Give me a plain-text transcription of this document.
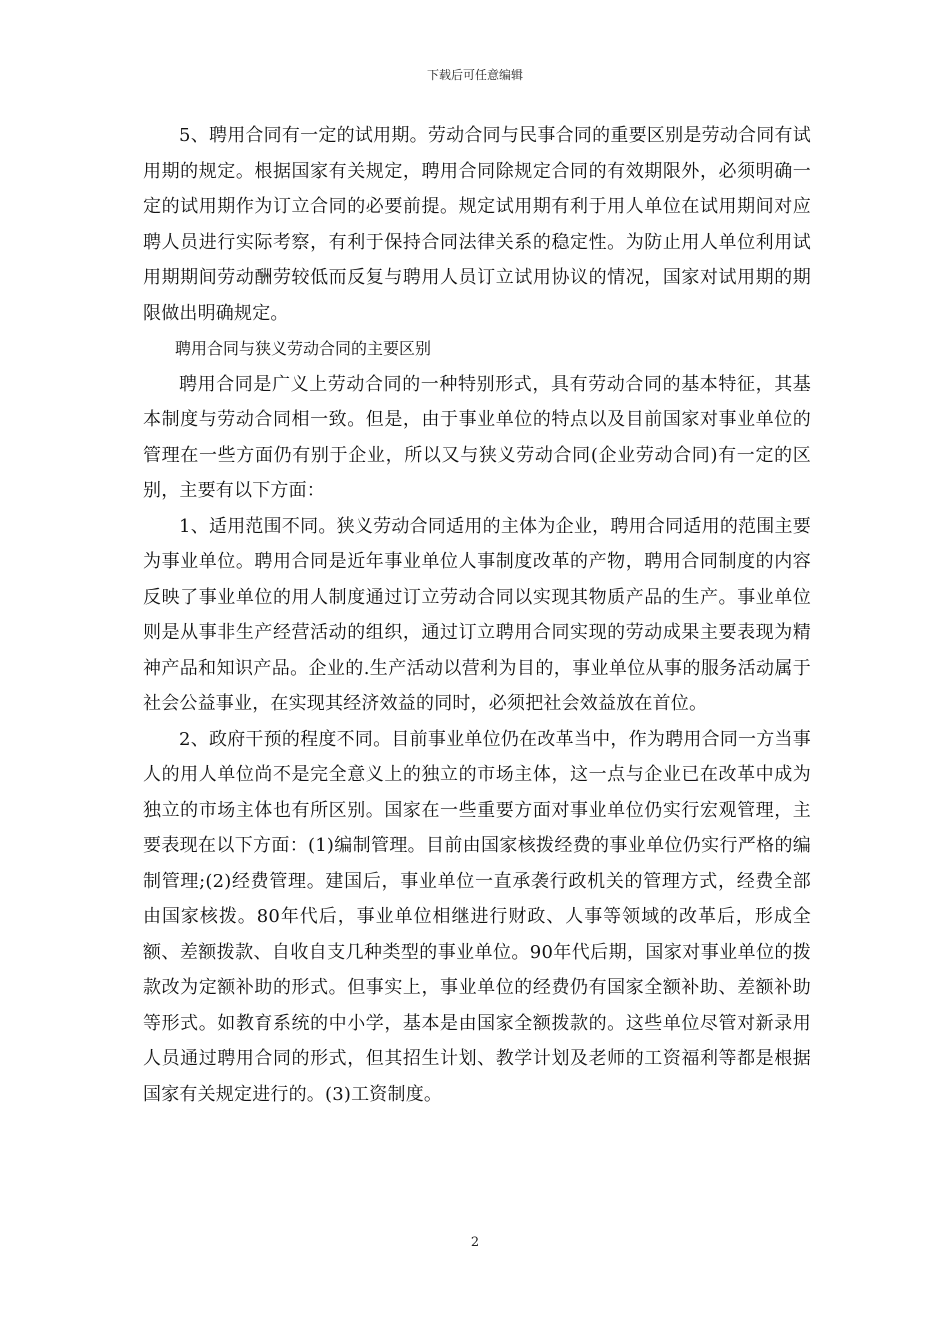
下载后可任意编辑

5、聘用合同有一定的试用期。劳动合同与民事合同的重要区别是劳动合同有试用期的规定。根据国家有关规定，聘用合同除规定合同的有效期限外，必须明确一定的试用期作为订立合同的必要前提。规定试用期有利于用人单位在试用期间对应聘人员进行实际考察，有利于保持合同法律关系的稳定性。为防止用人单位利用试用期期间劳动酬劳较低而反复与聘用人员订立试用协议的情况，国家对试用期的期限做出明确规定。

聘用合同与狭义劳动合同的主要区别

聘用合同是广义上劳动合同的一种特别形式，具有劳动合同的基本特征，其基本制度与劳动合同相一致。但是，由于事业单位的特点以及目前国家对事业单位的管理在一些方面仍有别于企业，所以又与狭义劳动合同(企业劳动合同)有一定的区别，主要有以下方面：

1、适用范围不同。狭义劳动合同适用的主体为企业，聘用合同适用的范围主要为事业单位。聘用合同是近年事业单位人事制度改革的产物，聘用合同制度的内容反映了事业单位的用人制度通过订立劳动合同以实现其物质产品的生产。事业单位则是从事非生产经营活动的组织，通过订立聘用合同实现的劳动成果主要表现为精神产品和知识产品。企业的.生产活动以营利为目的，事业单位从事的服务活动属于社会公益事业，在实现其经济效益的同时，必须把社会效益放在首位。

2、政府干预的程度不同。目前事业单位仍在改革当中，作为聘用合同一方当事人的用人单位尚不是完全意义上的独立的市场主体，这一点与企业已在改革中成为独立的市场主体也有所区别。国家在一些重要方面对事业单位仍实行宏观管理，主要表现在以下方面：(1)编制管理。目前由国家核拨经费的事业单位仍实行严格的编制管理;(2)经费管理。建国后，事业单位一直承袭行政机关的管理方式，经费全部由国家核拨。80年代后，事业单位相继进行财政、人事等领域的改革后，形成全额、差额拨款、自收自支几种类型的事业单位。90年代后期，国家对事业单位的拨款改为定额补助的形式。但事实上，事业单位的经费仍有国家全额补助、差额补助等形式。如教育系统的中小学，基本是由国家全额拨款的。这些单位尽管对新录用人员通过聘用合同的形式，但其招生计划、教学计划及老师的工资福利等都是根据国家有关规定进行的。(3)工资制度。

2
